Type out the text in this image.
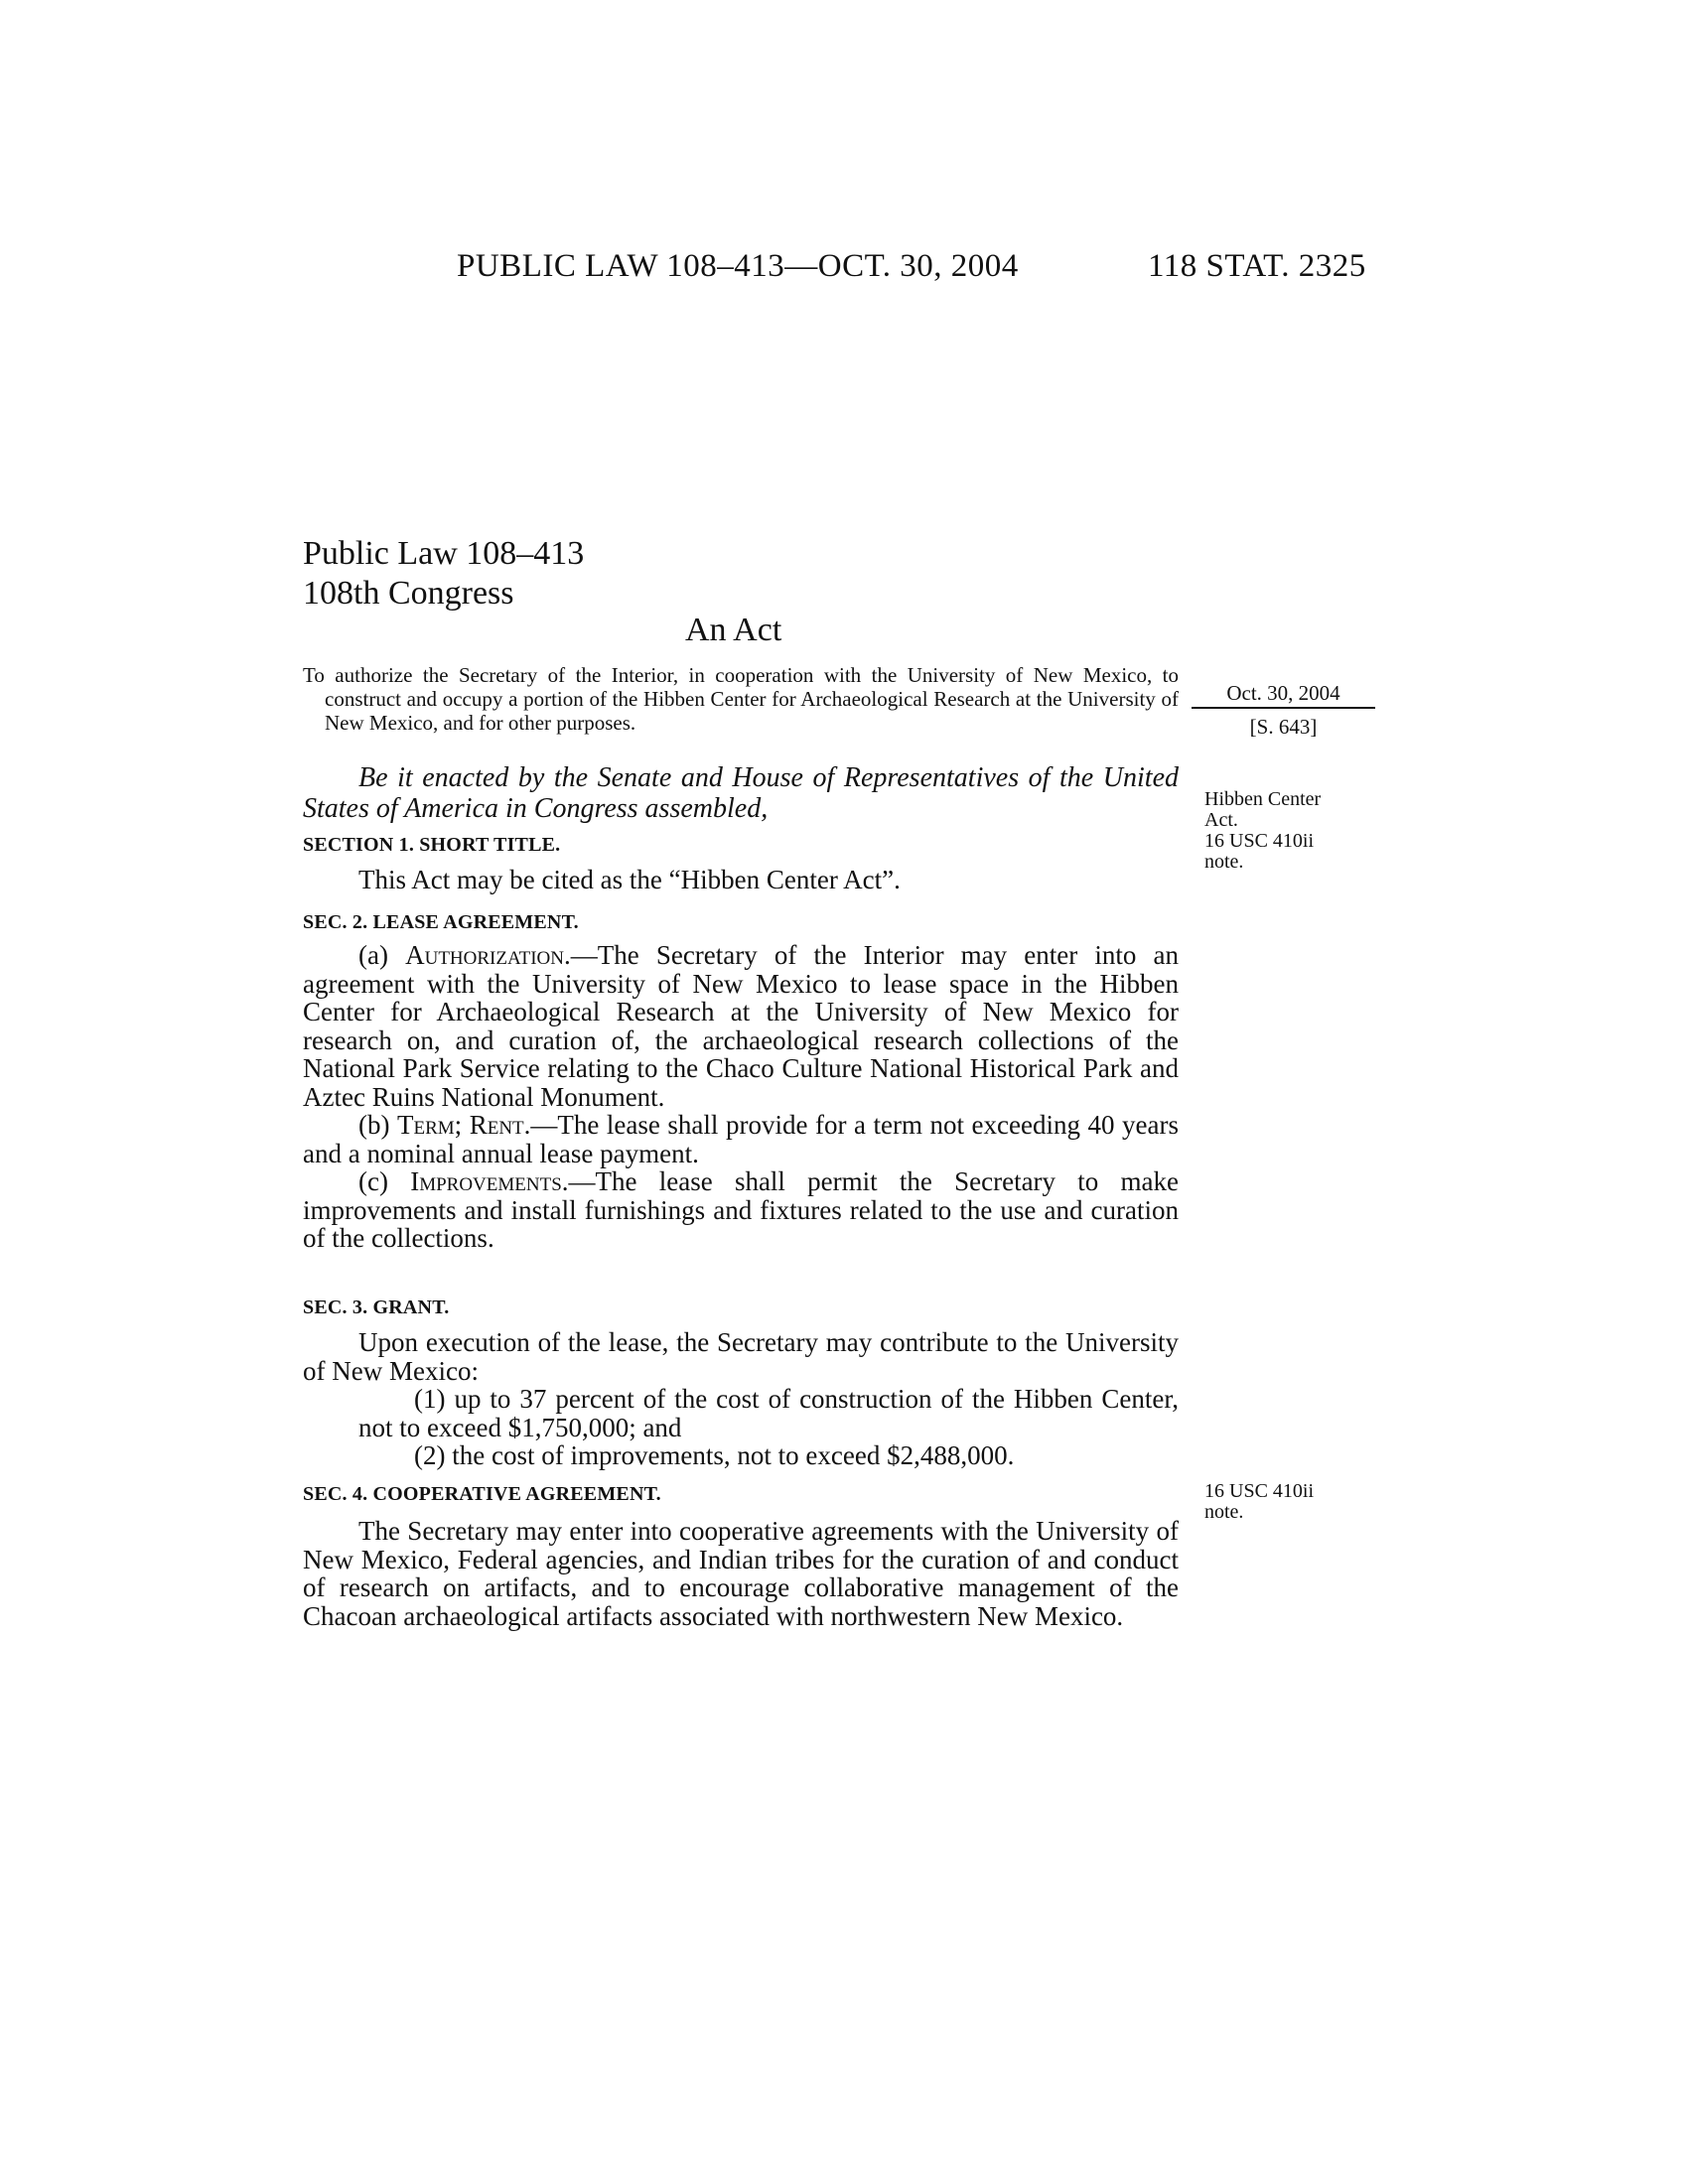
PUBLIC LAW 108–413—OCT. 30, 2004	118 STAT. 2325
Public Law 108–413
108th Congress
An Act

To authorize the Secretary of the Interior, in cooperation with the University of New Mexico, to construct and occupy a portion of the Hibben Center for Archaeological Research at the University of New Mexico, and for other purposes.

Be it enacted by the Senate and House of Representatives of the United States of America in Congress assembled,

SECTION 1. SHORT TITLE.

This Act may be cited as the “Hibben Center Act”.

SEC. 2. LEASE AGREEMENT.

(a) Authorization.—The Secretary of the Interior may enter into an agreement with the University of New Mexico to lease space in the Hibben Center for Archaeological Research at the University of New Mexico for research on, and curation of, the archaeological research collections of the National Park Service relating to the Chaco Culture National Historical Park and Aztec Ruins National Monument.

(b) Term; Rent.—The lease shall provide for a term not exceeding 40 years and a nominal annual lease payment.

(c) Improvements.—The lease shall permit the Secretary to make improvements and install furnishings and fixtures related to the use and curation of the collections.

SEC. 3. GRANT.

Upon execution of the lease, the Secretary may contribute to the University of New Mexico:

(1) up to 37 percent of the cost of construction of the Hibben Center, not to exceed $1,750,000; and

(2) the cost of improvements, not to exceed $2,488,000.

SEC. 4. COOPERATIVE AGREEMENT.

The Secretary may enter into cooperative agreements with the University of New Mexico, Federal agencies, and Indian tribes for the curation of and conduct of research on artifacts, and to encourage collaborative management of the Chacoan archaeological artifacts associated with northwestern New Mexico.

Oct. 30, 2004
[S. 643]
Hibben Center
Act.
16 USC 410ii
note.
16 USC 410ii
note.
